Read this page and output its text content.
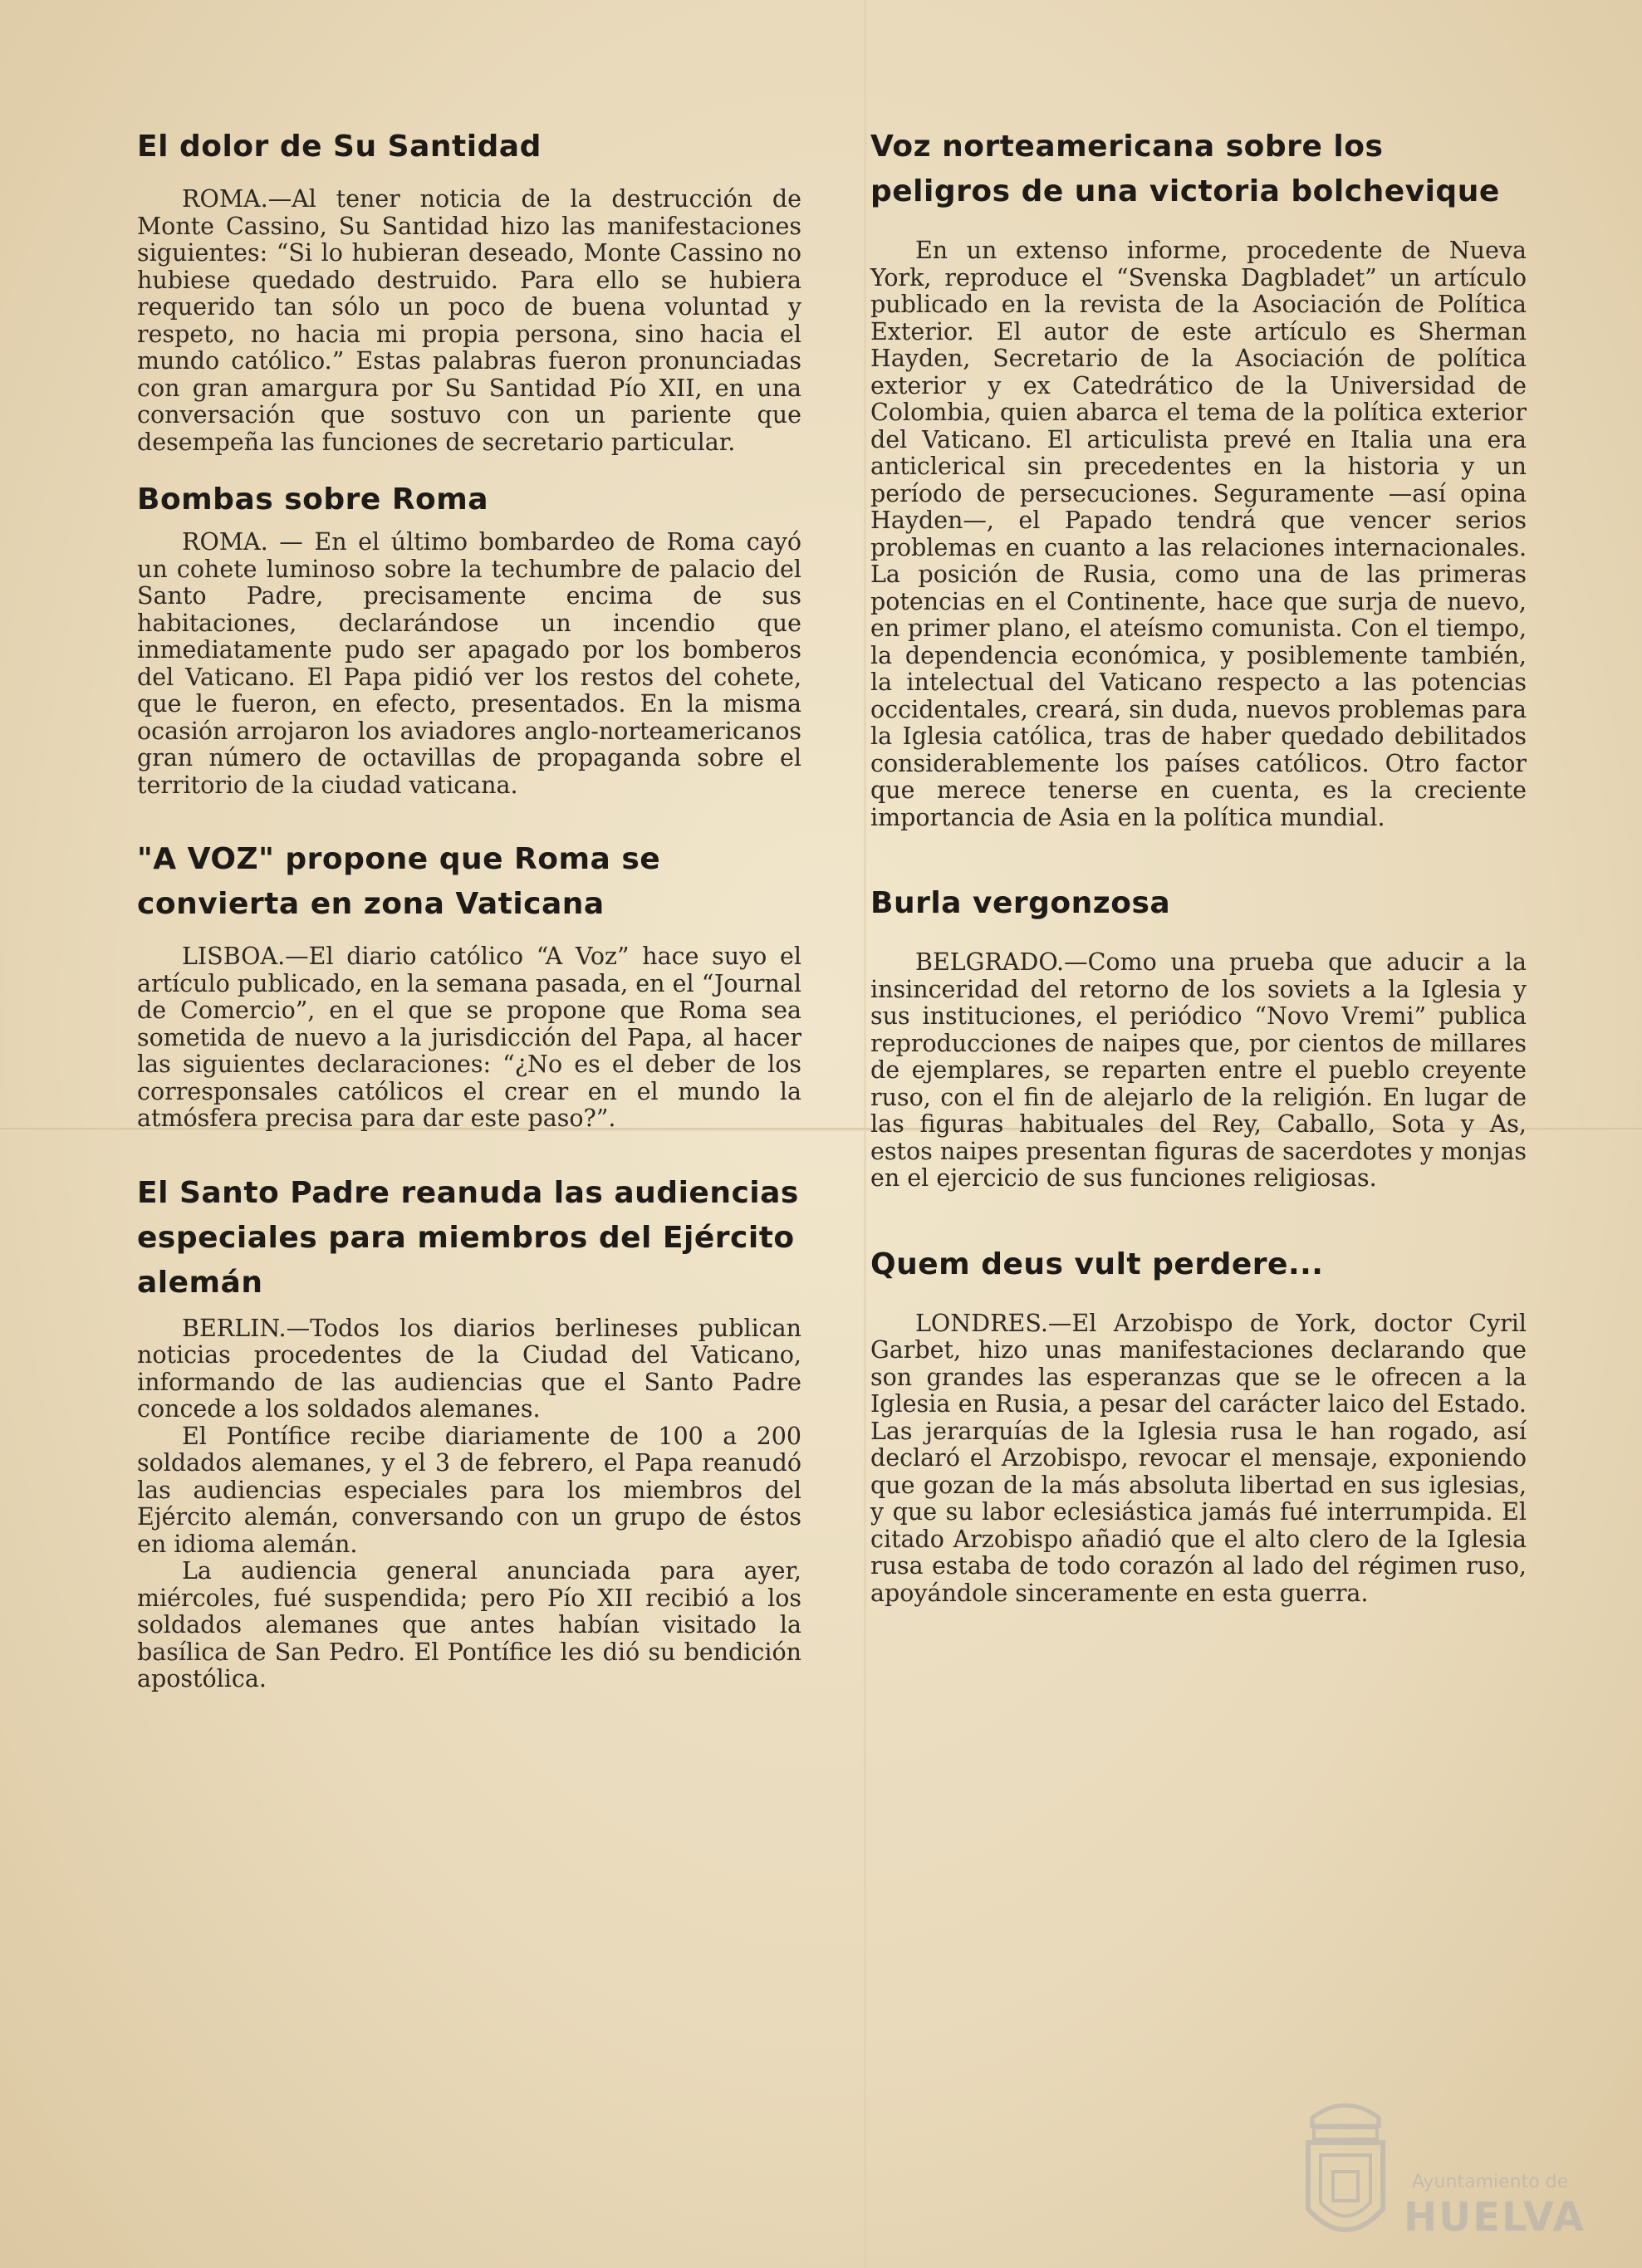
El dolor de Su Santidad

ROMA.—Al tener noticia de la destrucción de Monte Cassino, Su Santidad hizo las manifestaciones siguientes: “Si lo hubieran deseado, Monte Cassino no hubiese quedado destruido. Para ello se hubiera requerido tan sólo un poco de buena voluntad y respeto, no hacia mi propia persona, sino hacia el mundo católico.” Estas palabras fueron pronunciadas con gran amargura por Su Santidad Pío XII, en una conversación que sostuvo con un pariente que desempeña las funciones de secretario particular.

Bombas sobre Roma

ROMA. — En el último bombardeo de Roma cayó un cohete luminoso sobre la techumbre de palacio del Santo Padre, precisamente encima de sus habitaciones, declarándose un incendio que inmediatamente pudo ser apagado por los bomberos del Vaticano. El Papa pidió ver los restos del cohete, que le fueron, en efecto, presentados. En la misma ocasión arrojaron los aviadores anglo-norteamericanos gran número de octavillas de propaganda sobre el territorio de la ciudad vaticana.

"A VOZ" propone que Roma se convierta en zona Vaticana

LISBOA.—El diario católico “A Voz” hace suyo el artículo publicado, en la semana pasada, en el “Journal de Comercio”, en el que se propone que Roma sea sometida de nuevo a la jurisdicción del Papa, al hacer las siguientes declaraciones: “¿No es el deber de los corresponsales católicos el crear en el mundo la atmósfera precisa para dar este paso?”.

El Santo Padre reanuda las audiencias especiales para miembros del Ejército alemán

BERLIN.—Todos los diarios berlineses publican noticias procedentes de la Ciudad del Vaticano, informando de las audiencias que el Santo Padre concede a los soldados alemanes.

El Pontífice recibe diariamente de 100 a 200 soldados alemanes, y el 3 de febrero, el Papa reanudó las audiencias especiales para los miembros del Ejército alemán, conversando con un grupo de éstos en idioma alemán.

La audiencia general anunciada para ayer, miércoles, fué suspendida; pero Pío XII recibió a los soldados alemanes que antes habían visitado la basílica de San Pedro. El Pontífice les dió su bendición apostólica.

Voz norteamericana sobre los peligros de una victoria bolchevique

En un extenso informe, procedente de Nueva York, reproduce el “Svenska Dagbladet” un artículo publicado en la revista de la Asociación de Política Exterior. El autor de este artículo es Sherman Hayden, Secretario de la Asociación de política exterior y ex Catedrático de la Universidad de Colombia, quien abarca el tema de la política exterior del Vaticano. El articulista prevé en Italia una era anticlerical sin precedentes en la historia y un período de persecuciones. Seguramente —así opina Hayden—, el Papado tendrá que vencer serios problemas en cuanto a las relaciones internacionales. La posición de Rusia, como una de las primeras potencias en el Continente, hace que surja de nuevo, en primer plano, el ateísmo comunista. Con el tiempo, la dependencia económica, y posiblemente también, la intelectual del Vaticano respecto a las potencias occidentales, creará, sin duda, nuevos problemas para la Iglesia católica, tras de haber quedado debilitados considerablemente los países católicos. Otro factor que merece tenerse en cuenta, es la creciente importancia de Asia en la política mundial.

Burla vergonzosa

BELGRADO.—Como una prueba que aducir a la insinceridad del retorno de los soviets a la Iglesia y sus instituciones, el periódico “Novo Vremi” publica reproducciones de naipes que, por cientos de millares de ejemplares, se reparten entre el pueblo creyente ruso, con el fin de alejarlo de la religión. En lugar de las figuras habituales del Rey, Caballo, Sota y As, estos naipes presentan figuras de sacerdotes y monjas en el ejercicio de sus funciones religiosas.

Quem deus vult perdere...

LONDRES.—El Arzobispo de York, doctor Cyril Garbet, hizo unas manifestaciones declarando que son grandes las esperanzas que se le ofrecen a la Iglesia en Rusia, a pesar del carácter laico del Estado. Las jerarquías de la Iglesia rusa le han rogado, así declaró el Arzobispo, revocar el mensaje, exponiendo que gozan de la más absoluta libertad en sus iglesias, y que su labor eclesiástica jamás fué interrumpida. El citado Arzobispo añadió que el alto clero de la Iglesia rusa estaba de todo corazón al lado del régimen ruso, apoyándole sinceramente en esta guerra.

Ayuntamiento de
HUELVA
